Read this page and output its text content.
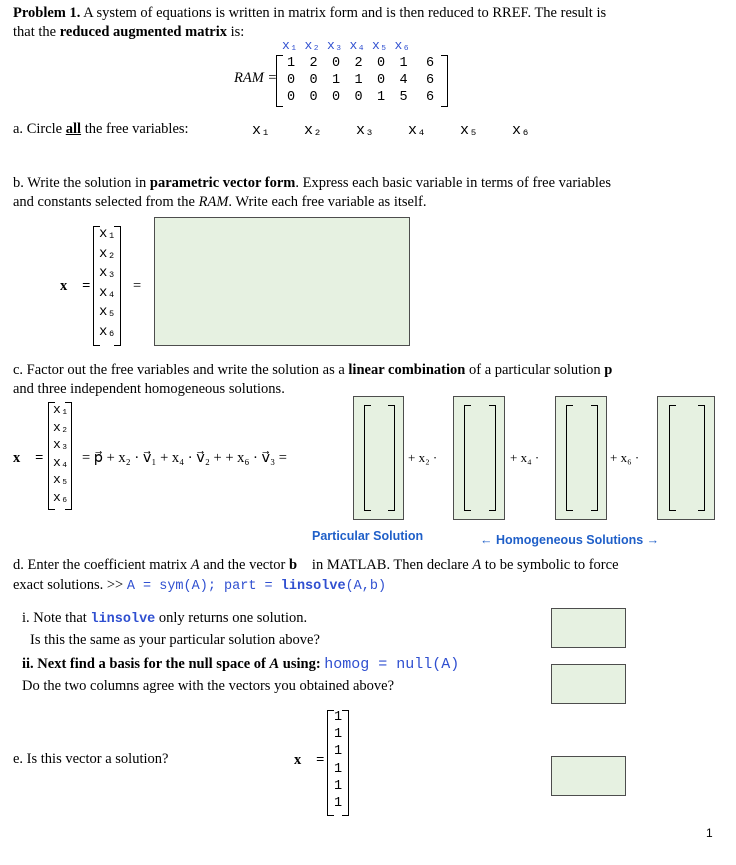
Problem 1. A system of equations is written in matrix form and is then reduced to RREF. The result is
that the reduced augmented matrix is:
RAM =
x₁ x₂ x₃ x₄ x₅ x₆
1 2 0 2 0 1 6
0 0 1 1 0 4 6
0 0 0 0 1 5 6
a. Circle all the free variables:	x₁ x₂ x₃ x₄ x₅ x₆
b. Write the solution in parametric vector form. Express each basic variable in terms of free variables
and constants selected from the RAM. Write each free variable as itself.
x⃗ =
x₁
x₂
x₃
x₄
x₅
x₆
=
c. Factor out the free variables and write the solution as a linear combination of a particular solution p⃗
and three independent homogeneous solutions.
x⃗ =
x₁
x₂
x₃
x₄
x₅
x₆
= p⃗ + x₂ · v⃗₁ + x₄ · v⃗₂ + + x₆ · v⃗₃ =	+ x₂ ·	+ x₄ ·	+ x₆ ·
Particular Solution	← Homogeneous Solutions →
d. Enter the coefficient matrix A and the vector b⃗ in MATLAB. Then declare A to be symbolic to force
exact solutions. >> A = sym(A); part = linsolve(A,b)
i. Note that linsolve only returns one solution.
Is this the same as your particular solution above?
ii. Next find a basis for the null space of A using: homog = null(A)
Do the two columns agree with the vectors you obtained above?
e. Is this vector a solution?	x⃗ =
1
1
1
1
1
1
1
